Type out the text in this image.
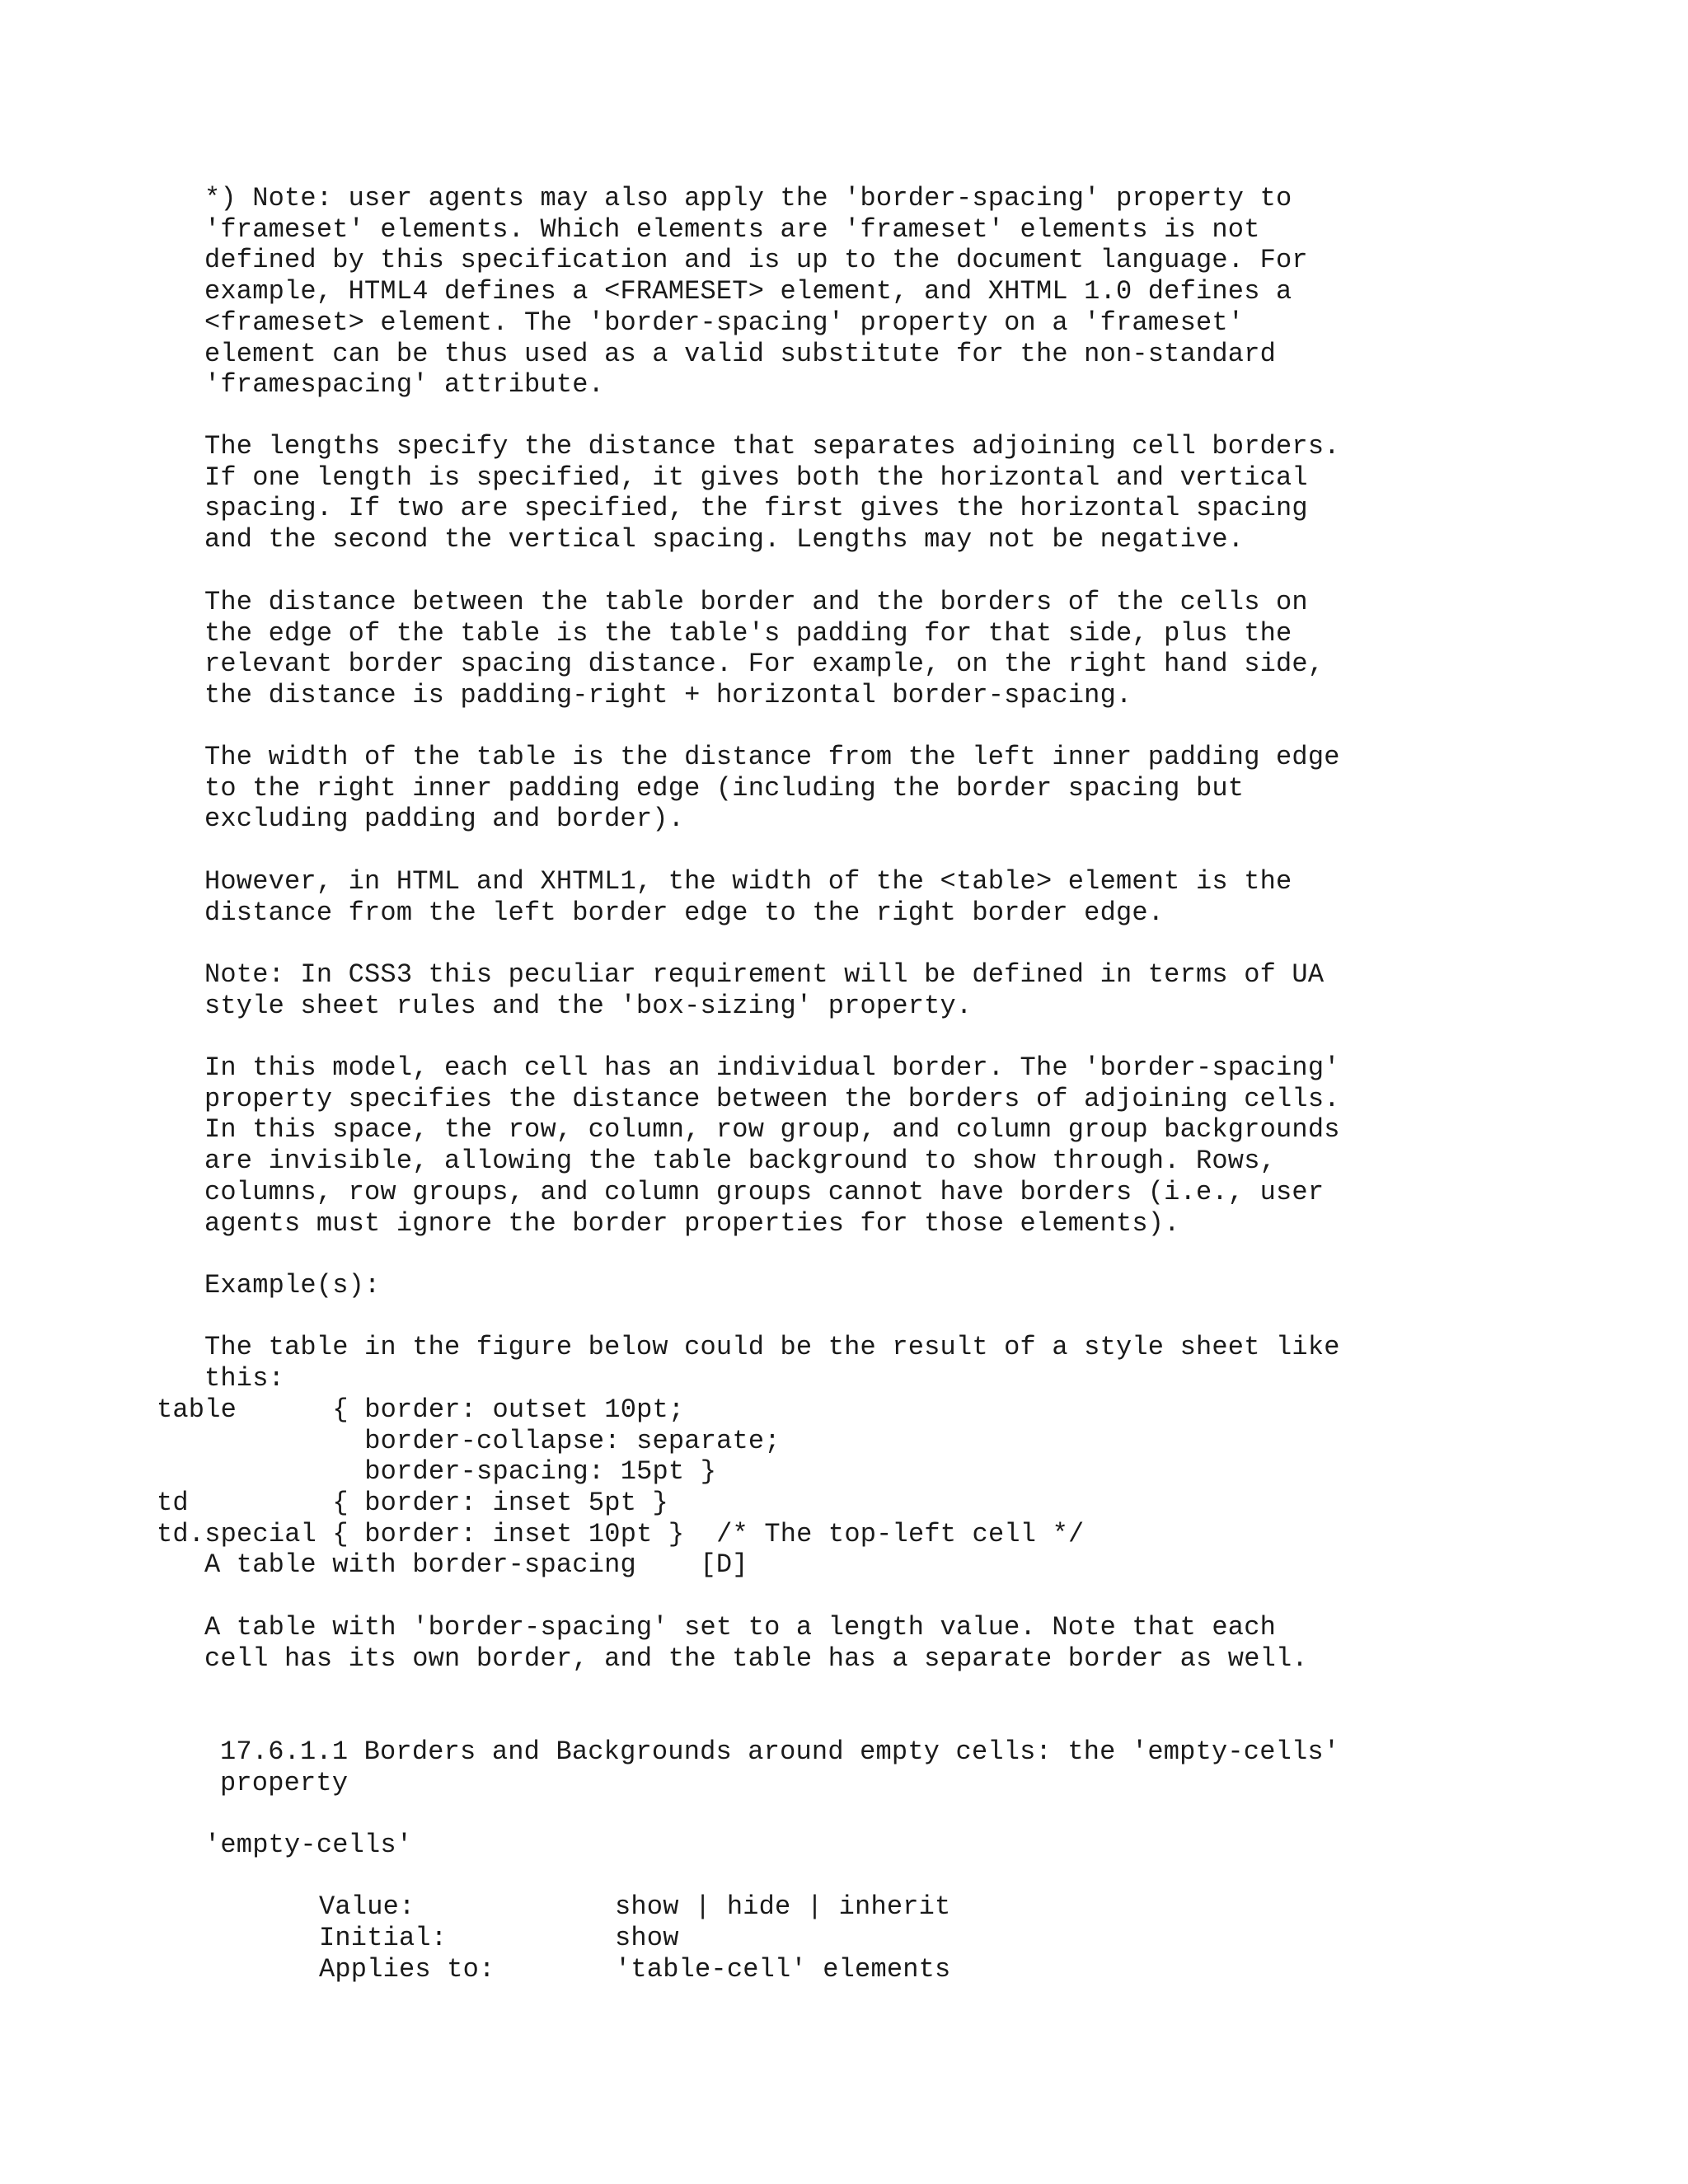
*) Note: user agents may also apply the 'border-spacing' property to
'frameset' elements. Which elements are 'frameset' elements is not
defined by this specification and is up to the document language. For
example, HTML4 defines a <FRAMESET> element, and XHTML 1.0 defines a
<frameset> element. The 'border-spacing' property on a 'frameset'
element can be thus used as a valid substitute for the non-standard
'framespacing' attribute.

The lengths specify the distance that separates adjoining cell borders.
If one length is specified, it gives both the horizontal and vertical
spacing. If two are specified, the first gives the horizontal spacing
and the second the vertical spacing. Lengths may not be negative.

The distance between the table border and the borders of the cells on
the edge of the table is the table's padding for that side, plus the
relevant border spacing distance. For example, on the right hand side,
the distance is padding-right + horizontal border-spacing.

The width of the table is the distance from the left inner padding edge
to the right inner padding edge (including the border spacing but
excluding padding and border).

However, in HTML and XHTML1, the width of the <table> element is the
distance from the left border edge to the right border edge.

Note: In CSS3 this peculiar requirement will be defined in terms of UA
style sheet rules and the 'box-sizing' property.

In this model, each cell has an individual border. The 'border-spacing'
property specifies the distance between the borders of adjoining cells.
In this space, the row, column, row group, and column group backgrounds
are invisible, allowing the table background to show through. Rows,
columns, row groups, and column groups cannot have borders (i.e., user
agents must ignore the border properties for those elements).

Example(s):

The table in the figure below could be the result of a style sheet like
this:

table      { border: outset 10pt;
border-collapse: separate;
border-spacing: 15pt }
td         { border: inset 5pt }
td.special { border: inset 10pt }  /* The top-left cell */

A table with border-spacing    [D]

A table with 'border-spacing' set to a length value. Note that each
cell has its own border, and the table has a separate border as well.

17.6.1.1 Borders and Backgrounds around empty cells: the 'empty-cells'
property

'empty-cells'

Value:	show | hide | inherit
Initial:	show
Applies to:	'table-cell' elements
